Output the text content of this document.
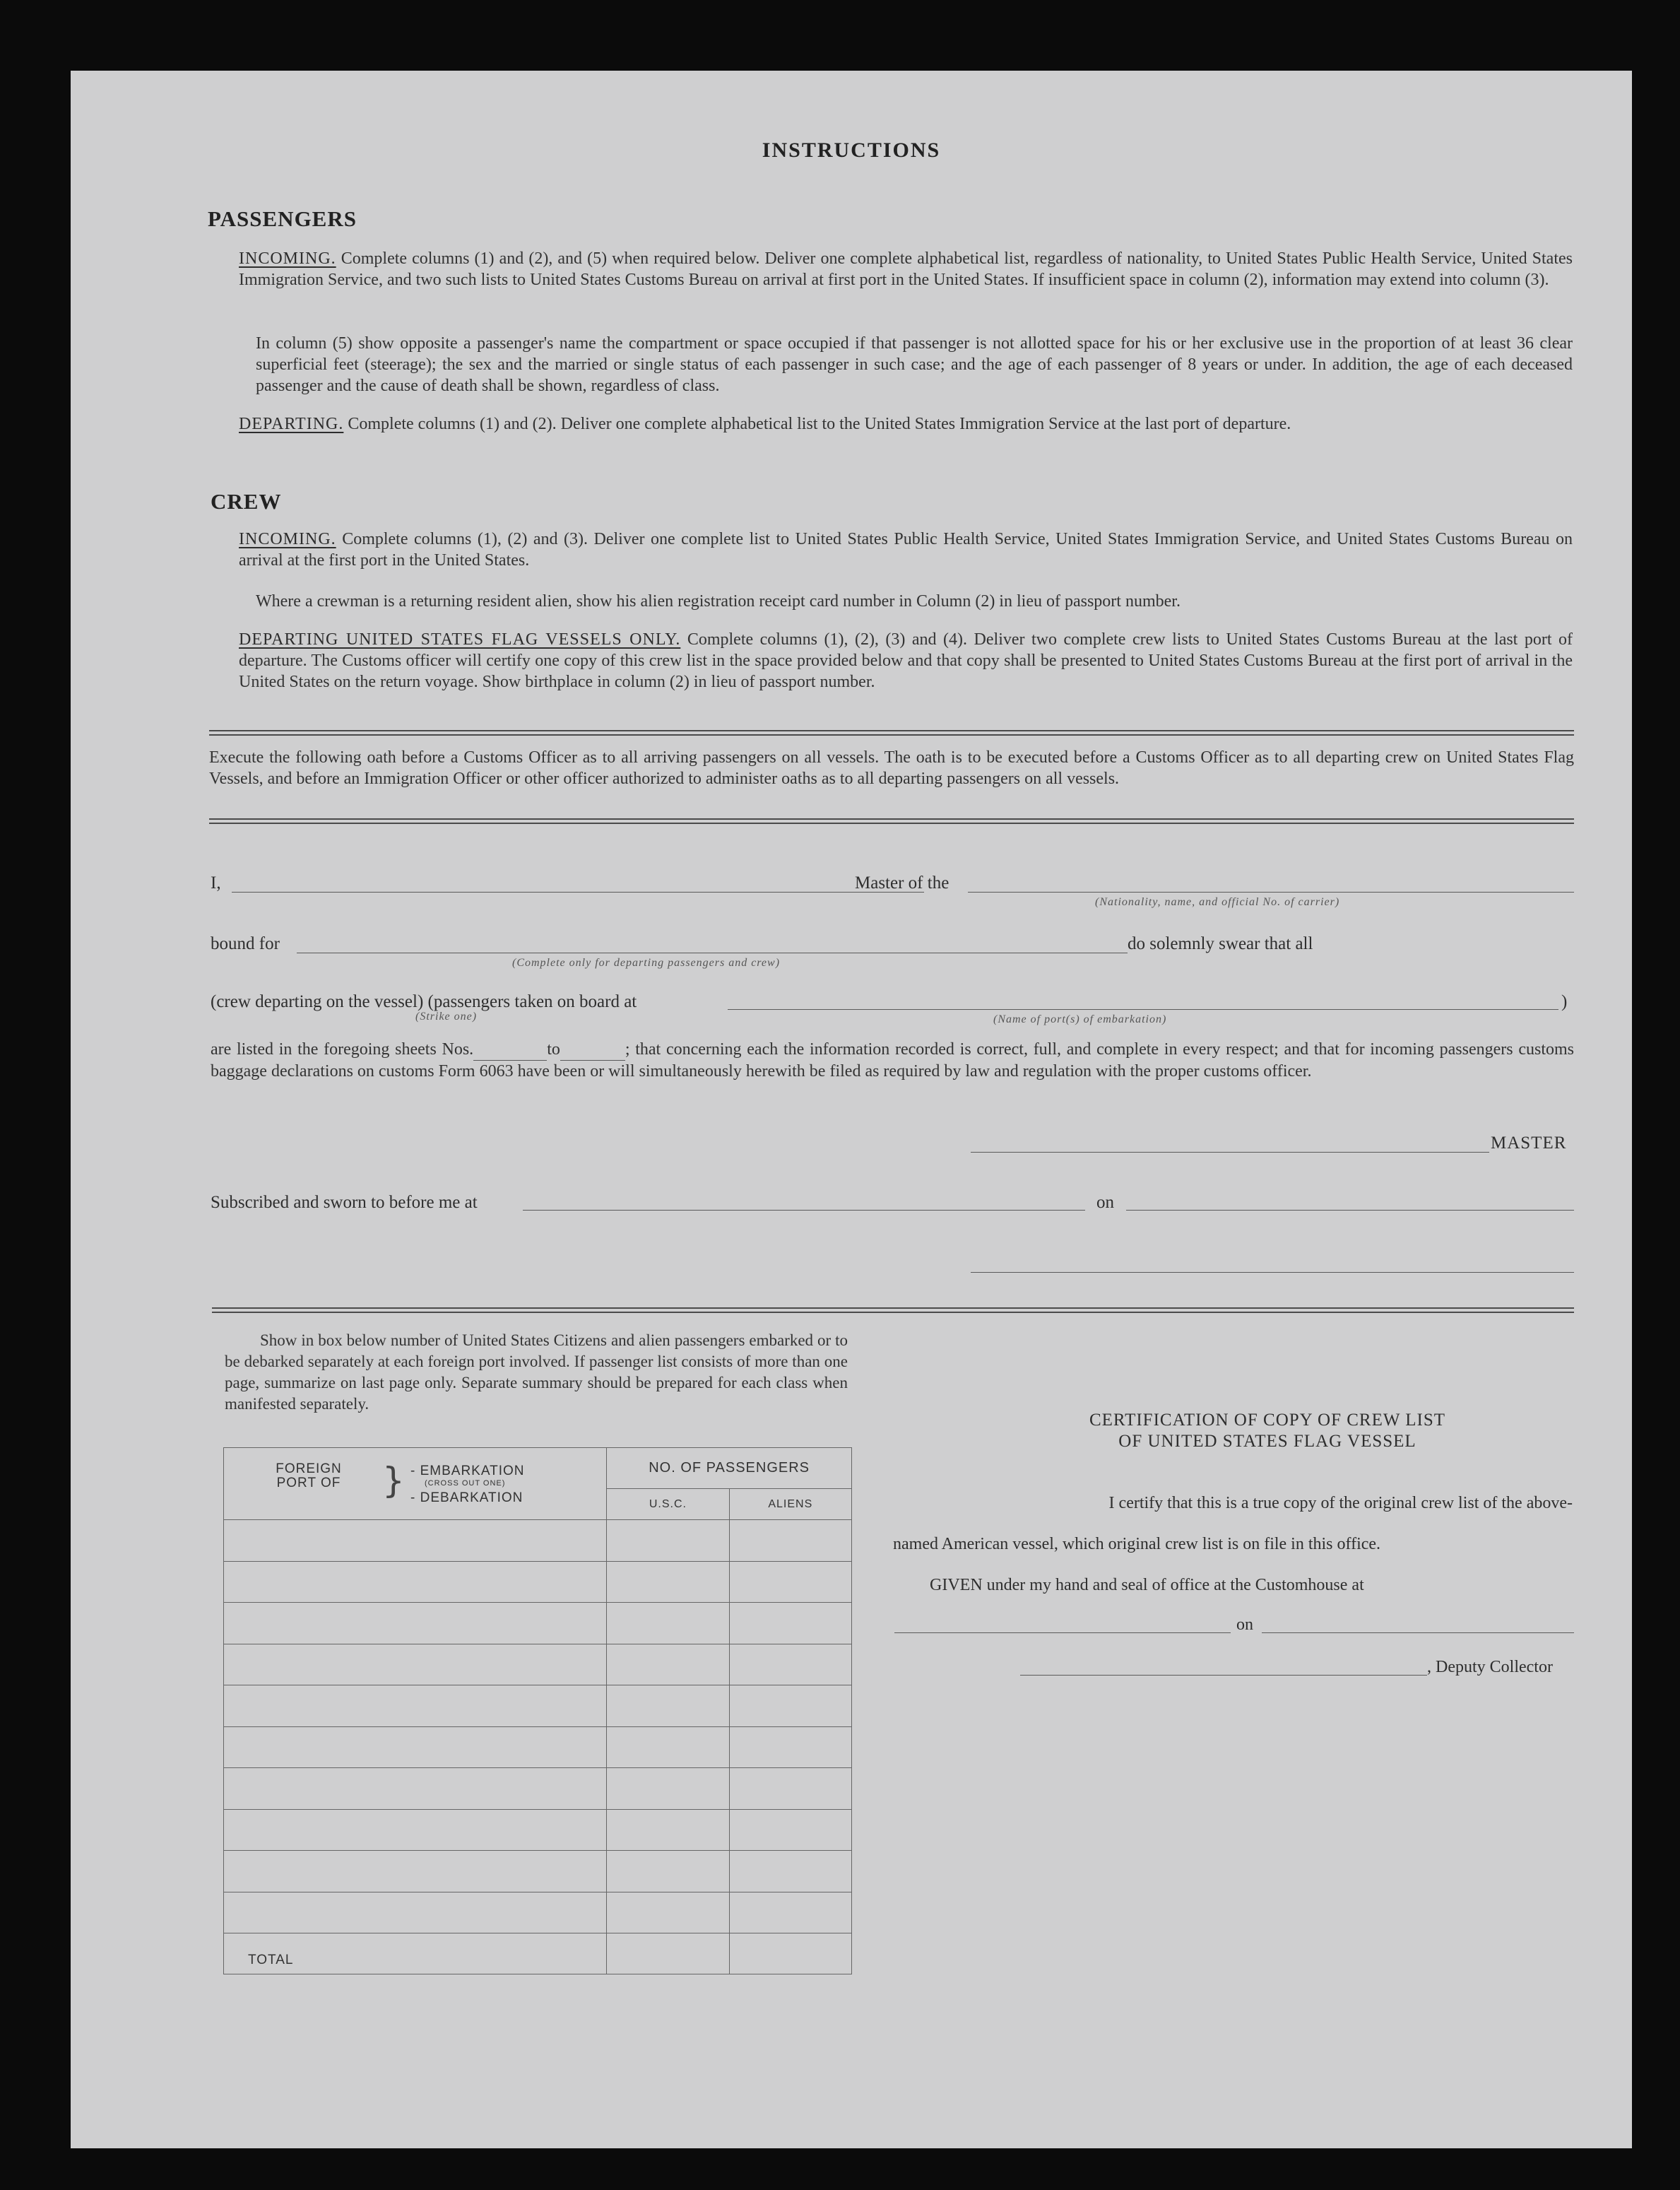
INSTRUCTIONS
PASSENGERS
INCOMING. Complete columns (1) and (2), and (5) when required below. Deliver one complete alphabetical list, regardless of nationality, to United States Public Health Service, United States Immigration Service, and two such lists to United States Customs Bureau on arrival at first port in the United States. If insufficient space in column (2), information may extend into column (3).
In column (5) show opposite a passenger's name the compartment or space occupied if that passenger is not allotted space for his or her exclusive use in the proportion of at least 36 clear superficial feet (steerage); the sex and the married or single status of each passenger in such case; and the age of each passenger of 8 years or under. In addition, the age of each deceased passenger and the cause of death shall be shown, regardless of class.
DEPARTING. Complete columns (1) and (2). Deliver one complete alphabetical list to the United States Immigration Service at the last port of departure.
CREW
INCOMING. Complete columns (1), (2) and (3). Deliver one complete list to United States Public Health Service, United States Immigration Service, and United States Customs Bureau on arrival at the first port in the United States.
Where a crewman is a returning resident alien, show his alien registration receipt card number in Column (2) in lieu of passport number.
DEPARTING UNITED STATES FLAG VESSELS ONLY. Complete columns (1), (2), (3) and (4). Deliver two complete crew lists to United States Customs Bureau at the last port of departure. The Customs officer will certify one copy of this crew list in the space provided below and that copy shall be presented to United States Customs Bureau at the first port of arrival in the United States on the return voyage. Show birthplace in column (2) in lieu of passport number.
Execute the following oath before a Customs Officer as to all arriving passengers on all vessels. The oath is to be executed before a Customs Officer as to all departing crew on United States Flag Vessels, and before an Immigration Officer or other officer authorized to administer oaths as to all departing passengers on all vessels.
I,	Master of the
(Nationality, name, and official No. of carrier)
bound for
(Complete only for departing passengers and crew)
do solemnly swear that all
(crew departing on the vessel) (passengers taken on board at
(Strike one)	(Name of port(s) of embarkation)
)
are listed in the foregoing sheets Nos.	to	; that concerning each the information recorded is correct, full, and complete in every respect; and that for incoming passengers customs baggage declarations on customs Form 6063 have been or will simultaneously herewith be filed as required by law and regulation with the proper customs officer.
MASTER
Subscribed and sworn to before me at	on
Show in box below number of United States Citizens and alien passengers embarked or to be debarked separately at each foreign port involved. If passenger list consists of more than one page, summarize on last page only. Separate summary should be prepared for each class when manifested separately.
FOREIGN PORT OF } - EMBARKATION
(CROSS OUT ONE)
- DEBARKATION	NO. OF PASSENGERS	
	U.S.C.	ALIENS

TOTAL		
CERTIFICATION OF COPY OF CREW LIST
OF UNITED STATES FLAG VESSEL
I certify that this is a true copy of the original crew list of the above-
named American vessel, which original crew list is on file in this office.
GIVEN under my hand and seal of office at the Customhouse at
on
, Deputy Collector
